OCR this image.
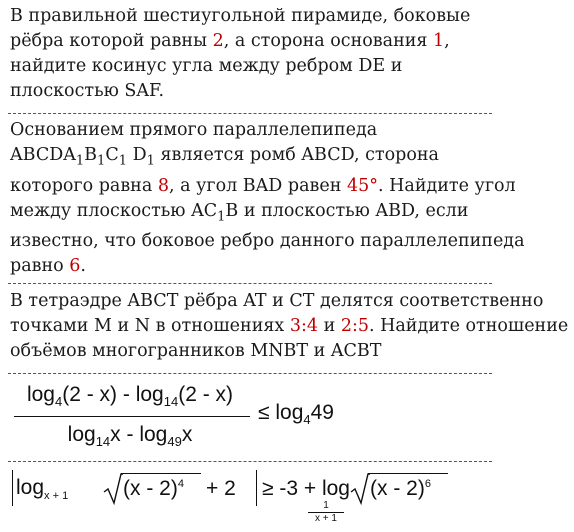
В правильной шестиугольной пирамиде, боковые
рёбра которой равны 2, а сторона основания 1,
найдите косинус угла между ребром DE и
плоскостью SAF.
Основанием прямого параллелепипеда
$ABCDA_1B_1C_1$ $D_1$ является ромб ABCD, сторона
которого равна 8, а угол BAD равен 45°. Найдите угол
между плоскостью $AC_1B$ и плоскостью ABD, если
известно, что боковое ребро данного параллелепипеда
равно 6.
В тетраэдре ABCT рёбра AT и CT делятся соответственно
точками M и N в отношениях 3:4 и 2:5. Найдите отношение
объёмов многогранников MNBT и ACBT
$\log_4(2 - x) - \log_{14}(2 - x)$
$\log_{14}x - \log_{49}x$
≤ $\log_449$
$\log_{x + 1}$	(x - 2)$^4$ + 2 ≥ -3 + log
1
x + 1
(x - 2)$^6$
